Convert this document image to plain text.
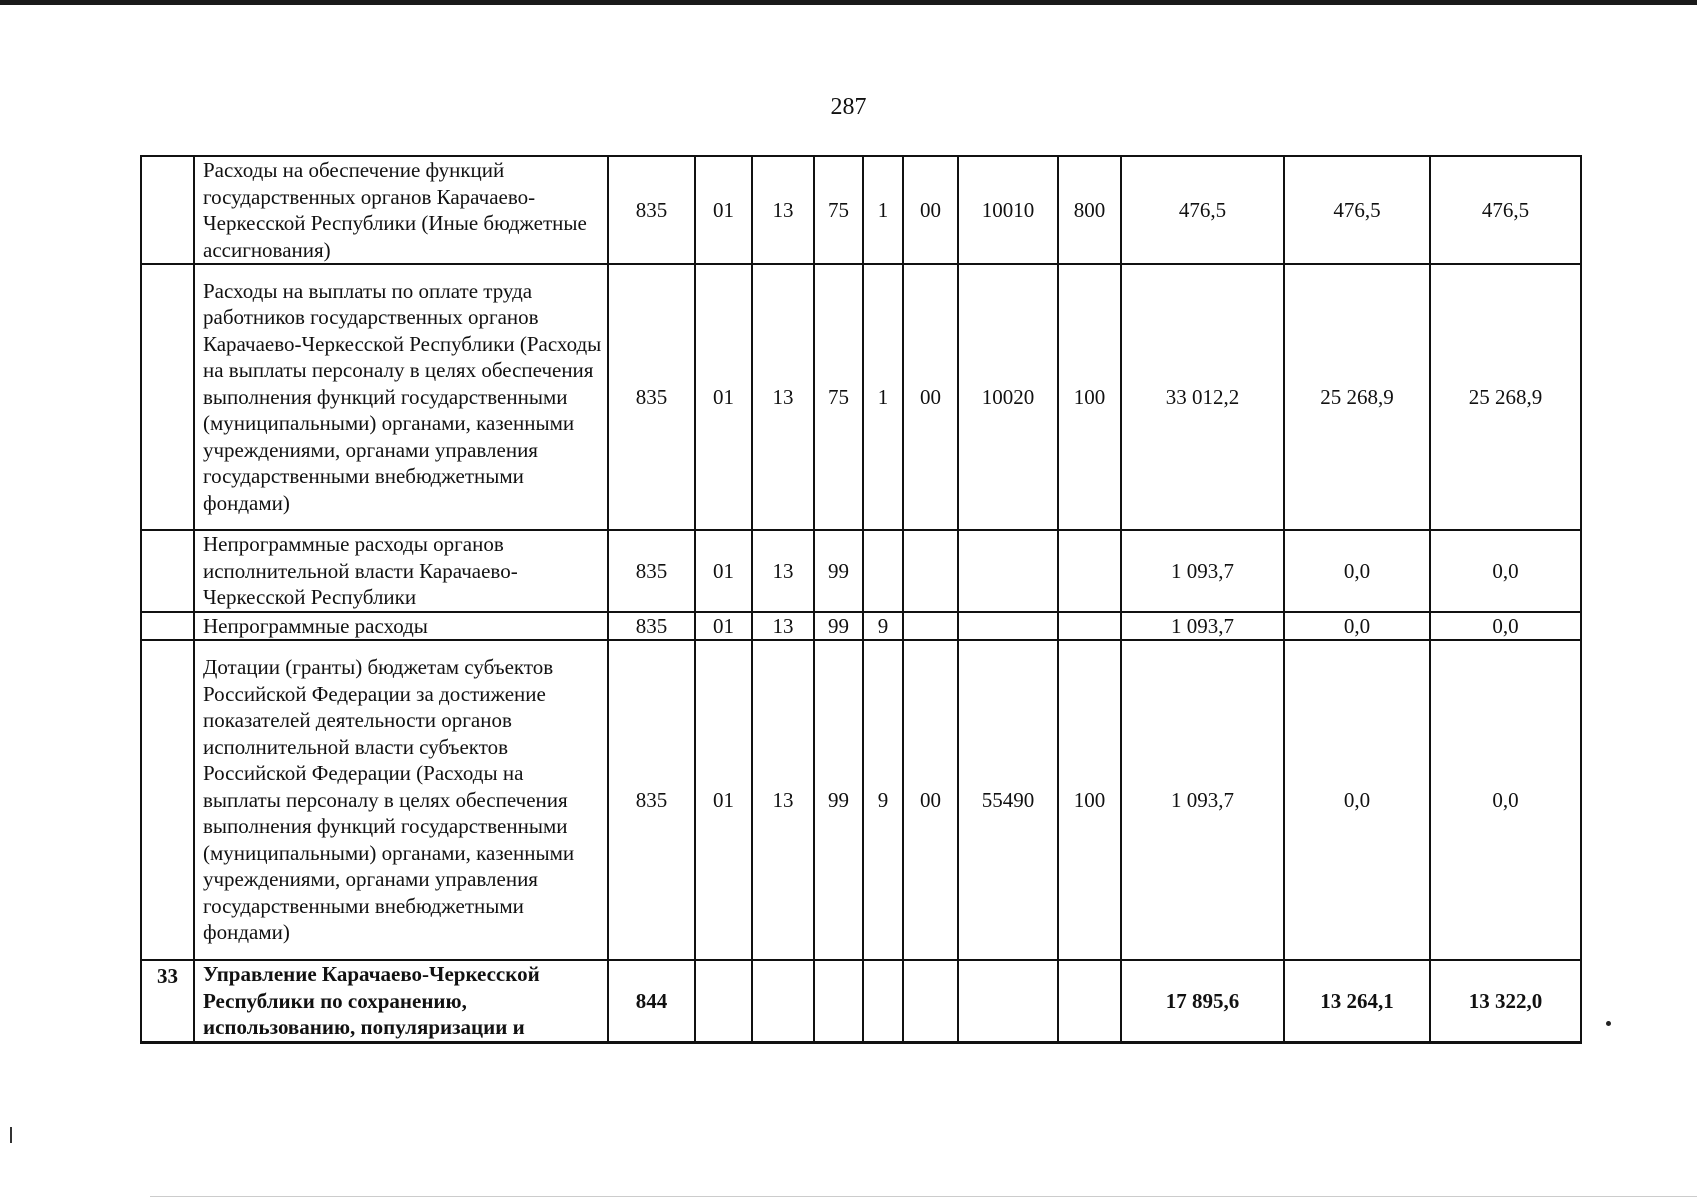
287
	Расходы на обеспечение функций государственных органов Карачаево-Черкесской Республики (Иные бюджетные ассигнования)	835	01	13	75	1	00	10010	800	476,5	476,5	476,5
	Расходы на выплаты по оплате труда работников государственных органов Карачаево-Черкесской Республики (Расходы на выплаты персоналу в целях обеспечения выполнения функций государственными (муниципальными) органами, казенными учреждениями, органами управления государственными внебюджетными фондами)	835	01	13	75	1	00	10020	100	33 012,2	25 268,9	25 268,9
	Непрограммные расходы органов исполнительной власти Карачаево-Черкесской Республики	835	01	13	99					1 093,7	0,0	0,0
	Непрограммные расходы	835	01	13	99	9				1 093,7	0,0	0,0
	Дотации (гранты) бюджетам субъектов Российской Федерации за достижение показателей деятельности органов исполнительной власти субъектов Российской Федерации (Расходы на выплаты персоналу в целях обеспечения выполнения функций государственными (муниципальными) органами, казенными учреждениями, органами управления государственными внебюджетными фондами)	835	01	13	99	9	00	55490	100	1 093,7	0,0	0,0
33	Управление Карачаево-Черкесской Республики по сохранению, использованию, популяризации и	844								17 895,6	13 264,1	13 322,0
